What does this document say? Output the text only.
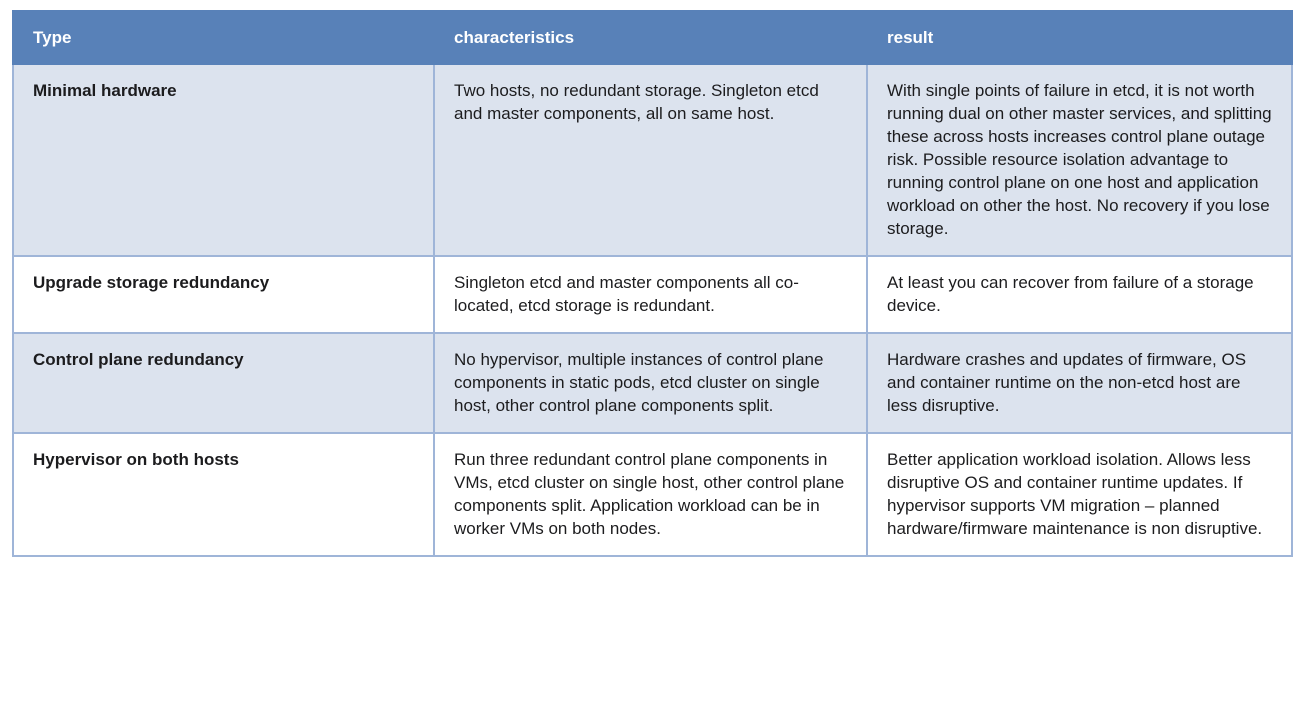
Type	characteristics	result
Minimal hardware	Two hosts, no redundant storage. Singleton etcd and master components, all on same host.	With single points of failure in etcd, it is not worth running dual on other master services, and splitting these across hosts increases control plane outage risk. Possible resource isolation advantage to running control plane on one host and application workload on other the host. No recovery if you lose storage.
Upgrade storage redundancy	Singleton etcd and master components all co-located, etcd storage is redundant.	At least you can recover from failure of a storage device.
Control plane redundancy	No hypervisor, multiple instances of control plane components in static pods, etcd cluster on single host, other control plane components split.	Hardware crashes and updates of firmware, OS and container runtime on the non-etcd host are less disruptive.
Hypervisor on both hosts	Run three redundant control plane components in VMs, etcd cluster on single host, other control plane components split. Application workload can be in worker VMs on both nodes.	Better application workload isolation. Allows less disruptive OS and container runtime updates. If hypervisor supports VM migration – planned hardware/firmware maintenance is non disruptive.
